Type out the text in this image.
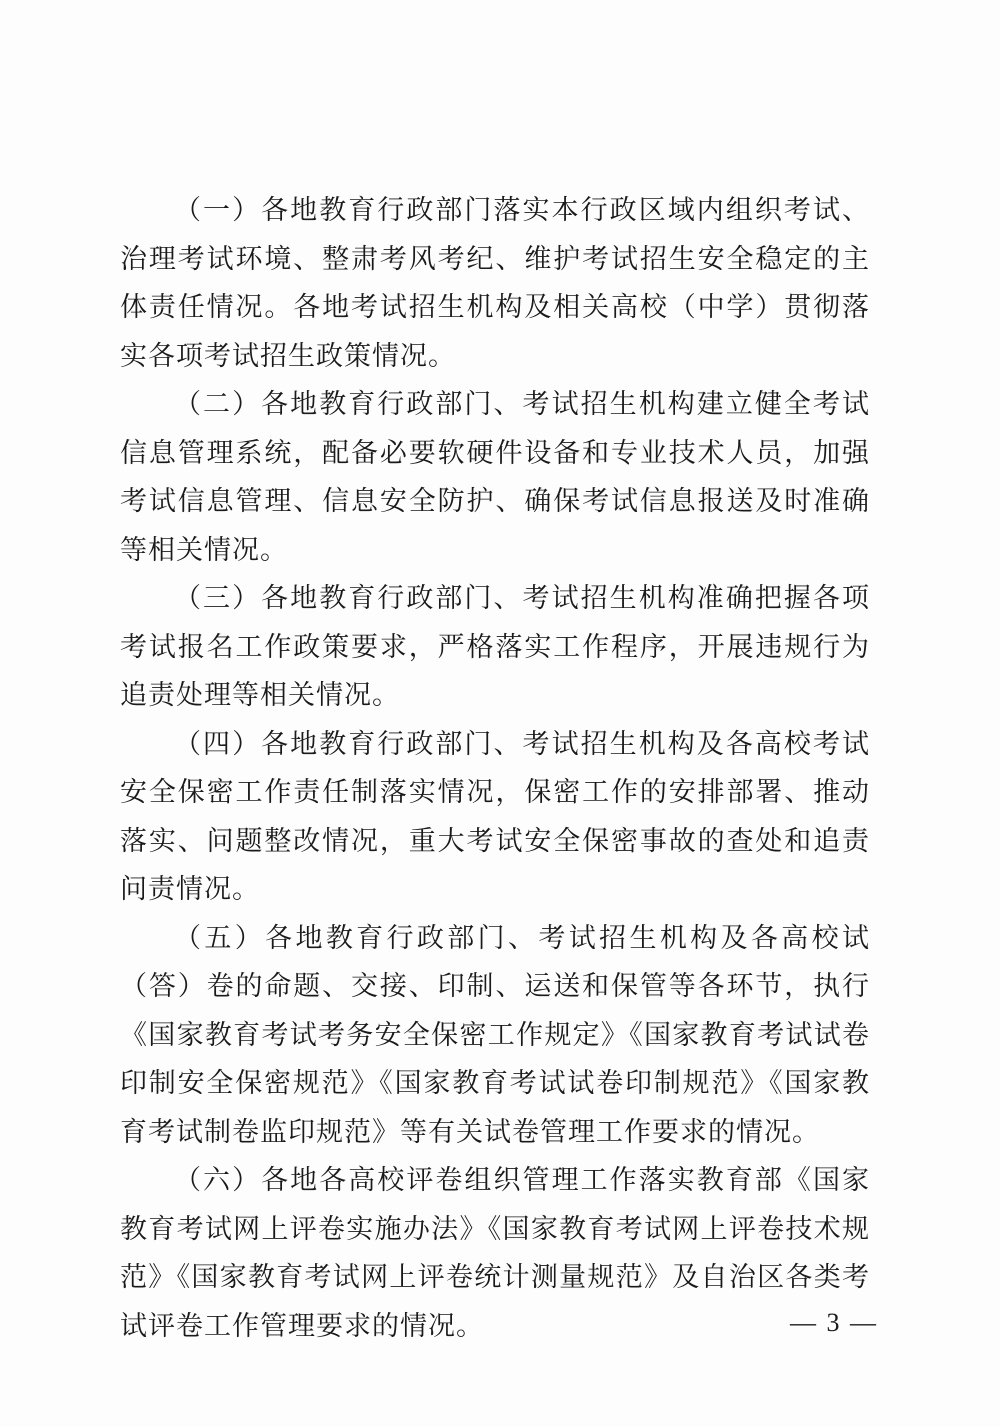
（一）各地教育行政部门落实本行政区域内组织考试、治理考试环境、整肃考风考纪、维护考试招生安全稳定的主体责任情况。各地考试招生机构及相关高校（中学）贯彻落实各项考试招生政策情况。

（二）各地教育行政部门、考试招生机构建立健全考试信息管理系统，配备必要软硬件设备和专业技术人员，加强考试信息管理、信息安全防护、确保考试信息报送及时准确等相关情况。

（三）各地教育行政部门、考试招生机构准确把握各项考试报名工作政策要求，严格落实工作程序，开展违规行为追责处理等相关情况。

（四）各地教育行政部门、考试招生机构及各高校考试安全保密工作责任制落实情况，保密工作的安排部署、推动落实、问题整改情况，重大考试安全保密事故的查处和追责问责情况。

（五）各地教育行政部门、考试招生机构及各高校试（答）卷的命题、交接、印制、运送和保管等各环节，执行《国家教育考试考务安全保密工作规定》《国家教育考试试卷印制安全保密规范》《国家教育考试试卷印制规范》《国家教育考试制卷监印规范》等有关试卷管理工作要求的情况。

（六）各地各高校评卷组织管理工作落实教育部《国家教育考试网上评卷实施办法》《国家教育考试网上评卷技术规范》《国家教育考试网上评卷统计测量规范》及自治区各类考试评卷工作管理要求的情况。	— 3 —
